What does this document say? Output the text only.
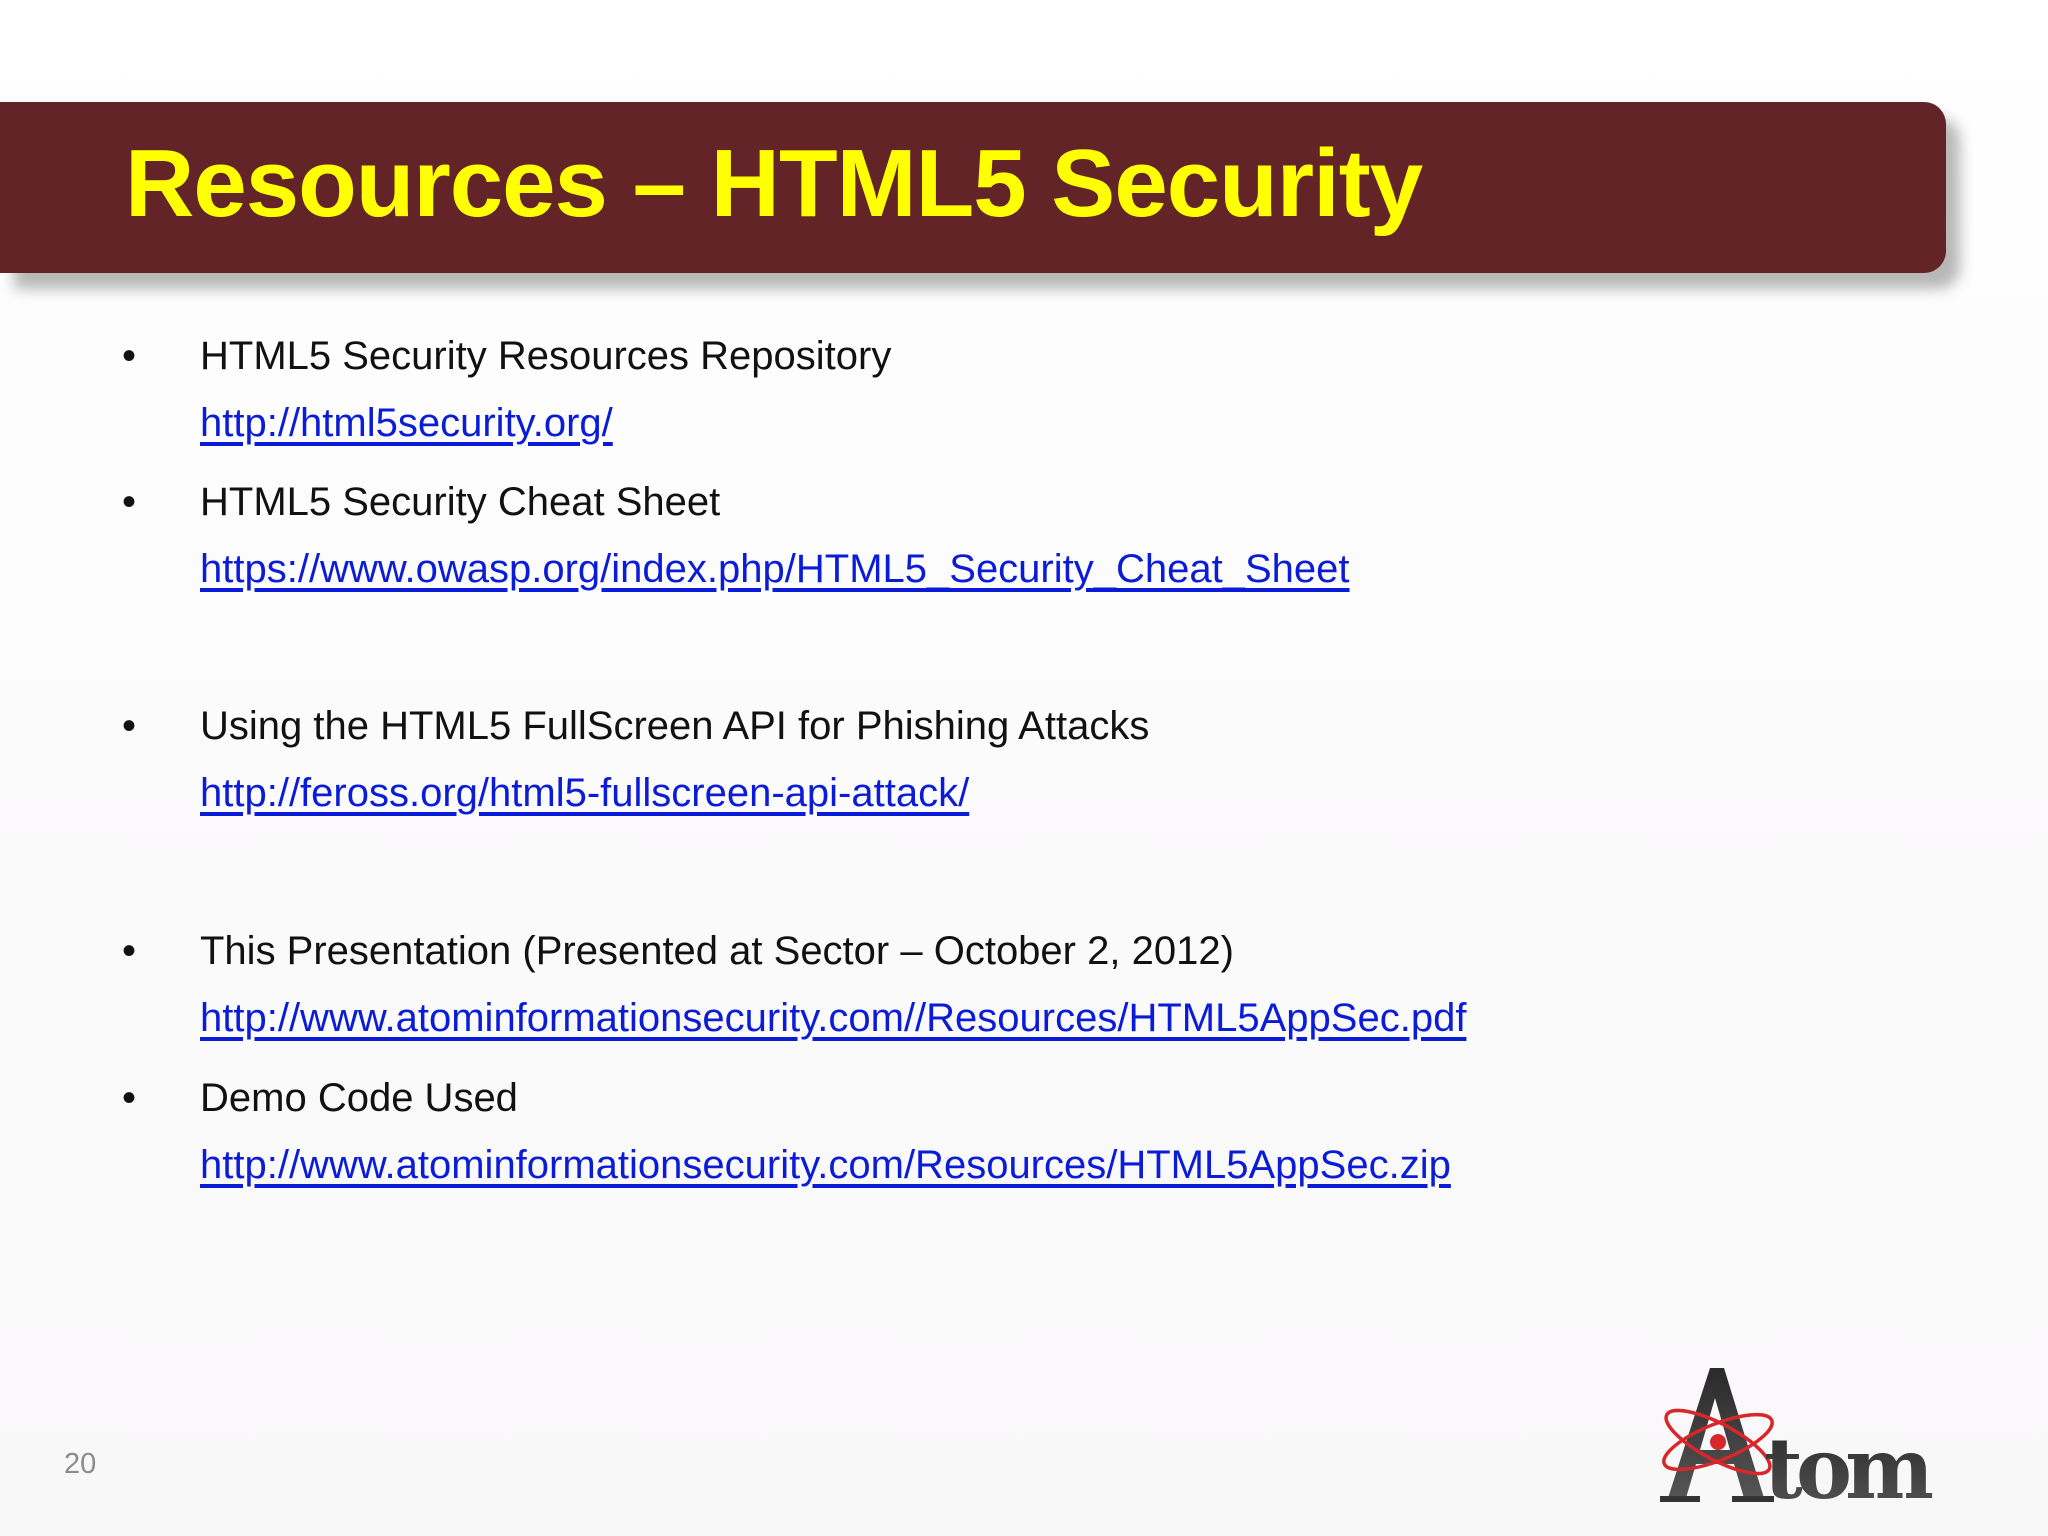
Resources – HTML5 Security
• HTML5 Security Resources Repository
http://html5security.org/
• HTML5 Security Cheat Sheet
https://www.owasp.org/index.php/HTML5_Security_Cheat_Sheet
• Using the HTML5 FullScreen API for Phishing Attacks
http://feross.org/html5-fullscreen-api-attack/
• This Presentation (Presented at Sector – October 2, 2012)
http://www.atominformationsecurity.com//Resources/HTML5AppSec.pdf
• Demo Code Used
http://www.atominformationsecurity.com/Resources/HTML5AppSec.zip
20	tom
